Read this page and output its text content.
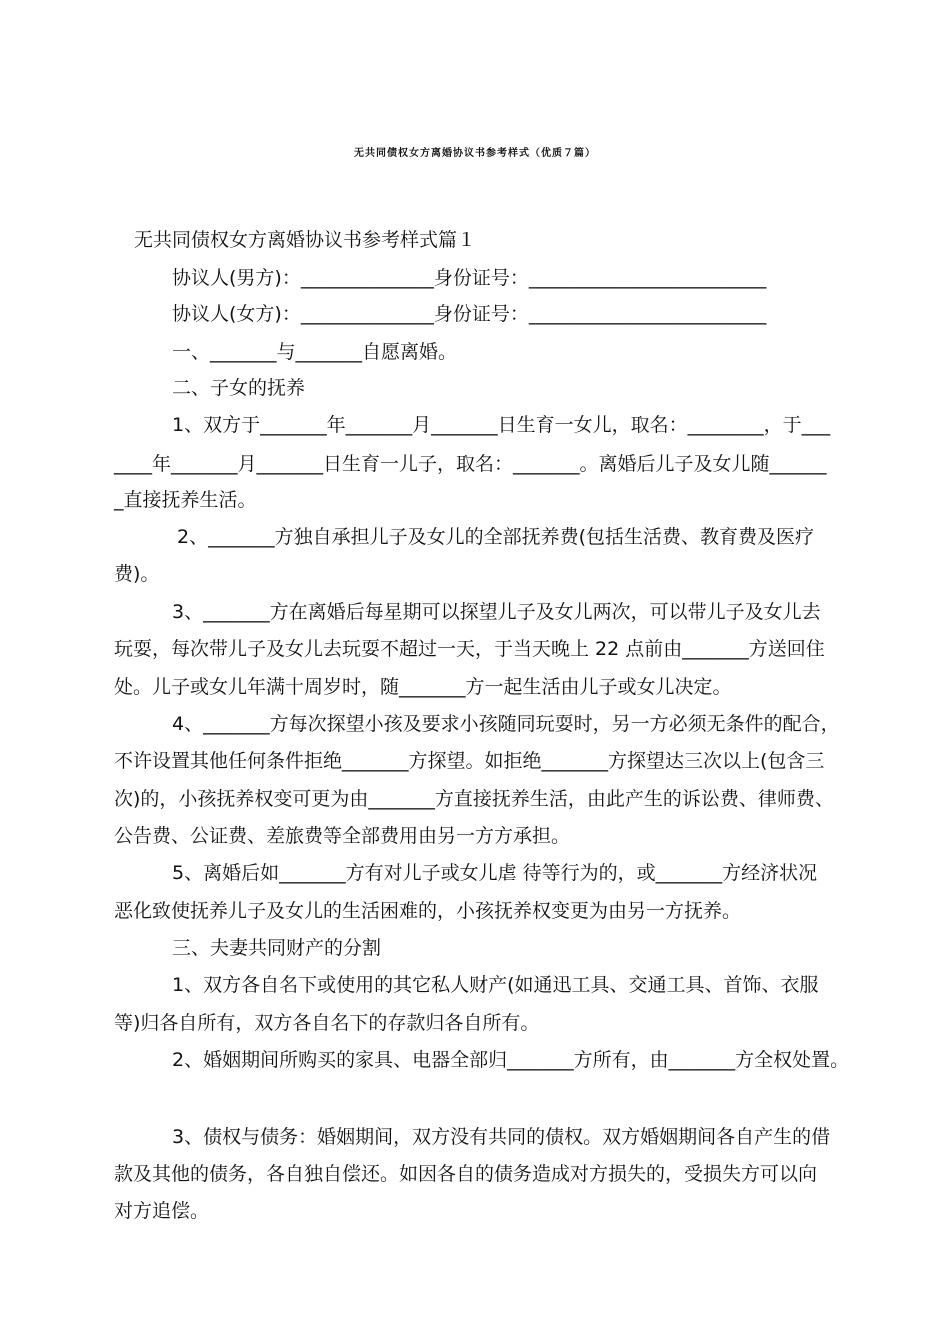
无共同债权女方离婚协议书参考样式（优质７篇）
无共同债权女方离婚协议书参考样式篇１
协议人(男方)：______________身份证号：_________________________
协议人(女方)：______________身份证号：_________________________
一、_______与_______自愿离婚。
二、子女的抚养
1、双方于_______年_______月_______日生育一女儿，取名：________，于___
____年_______月_______日生育一儿子，取名：_______。离婚后儿子及女儿随______
_直接抚养生活。
2、_______方独自承担儿子及女儿的全部抚养费(包括生活费、教育费及医疗
费)。
3、_______方在离婚后每星期可以探望儿子及女儿两次，可以带儿子及女儿去
玩耍，每次带儿子及女儿去玩耍不超过一天，于当天晚上 22 点前由_______方送回住
处。儿子或女儿年满十周岁时，随_______方一起生活由儿子或女儿决定。
4、_______方每次探望小孩及要求小孩随同玩耍时，另一方必须无条件的配合，
不许设置其他任何条件拒绝_______方探望。如拒绝_______方探望达三次以上(包含三
次)的，小孩抚养权变可更为由_______方直接抚养生活，由此产生的诉讼费、律师费、
公告费、公证费、差旅费等全部费用由另一方方承担。
5、离婚后如_______方有对儿子或女儿虐 待等行为的，或_______方经济状况
恶化致使抚养儿子及女儿的生活困难的，小孩抚养权变更为由另一方抚养。
三、夫妻共同财产的分割
1、双方各自名下或使用的其它私人财产(如通迅工具、交通工具、首饰、衣服
等)归各自所有，双方各自名下的存款归各自所有。
2、婚姻期间所购买的家具、电器全部归_______方所有，由_______方全权处置。
3、债权与债务：婚姻期间，双方没有共同的债权。双方婚姻期间各自产生的借
款及其他的债务，各自独自偿还。如因各自的债务造成对方损失的，受损失方可以向
对方追偿。
